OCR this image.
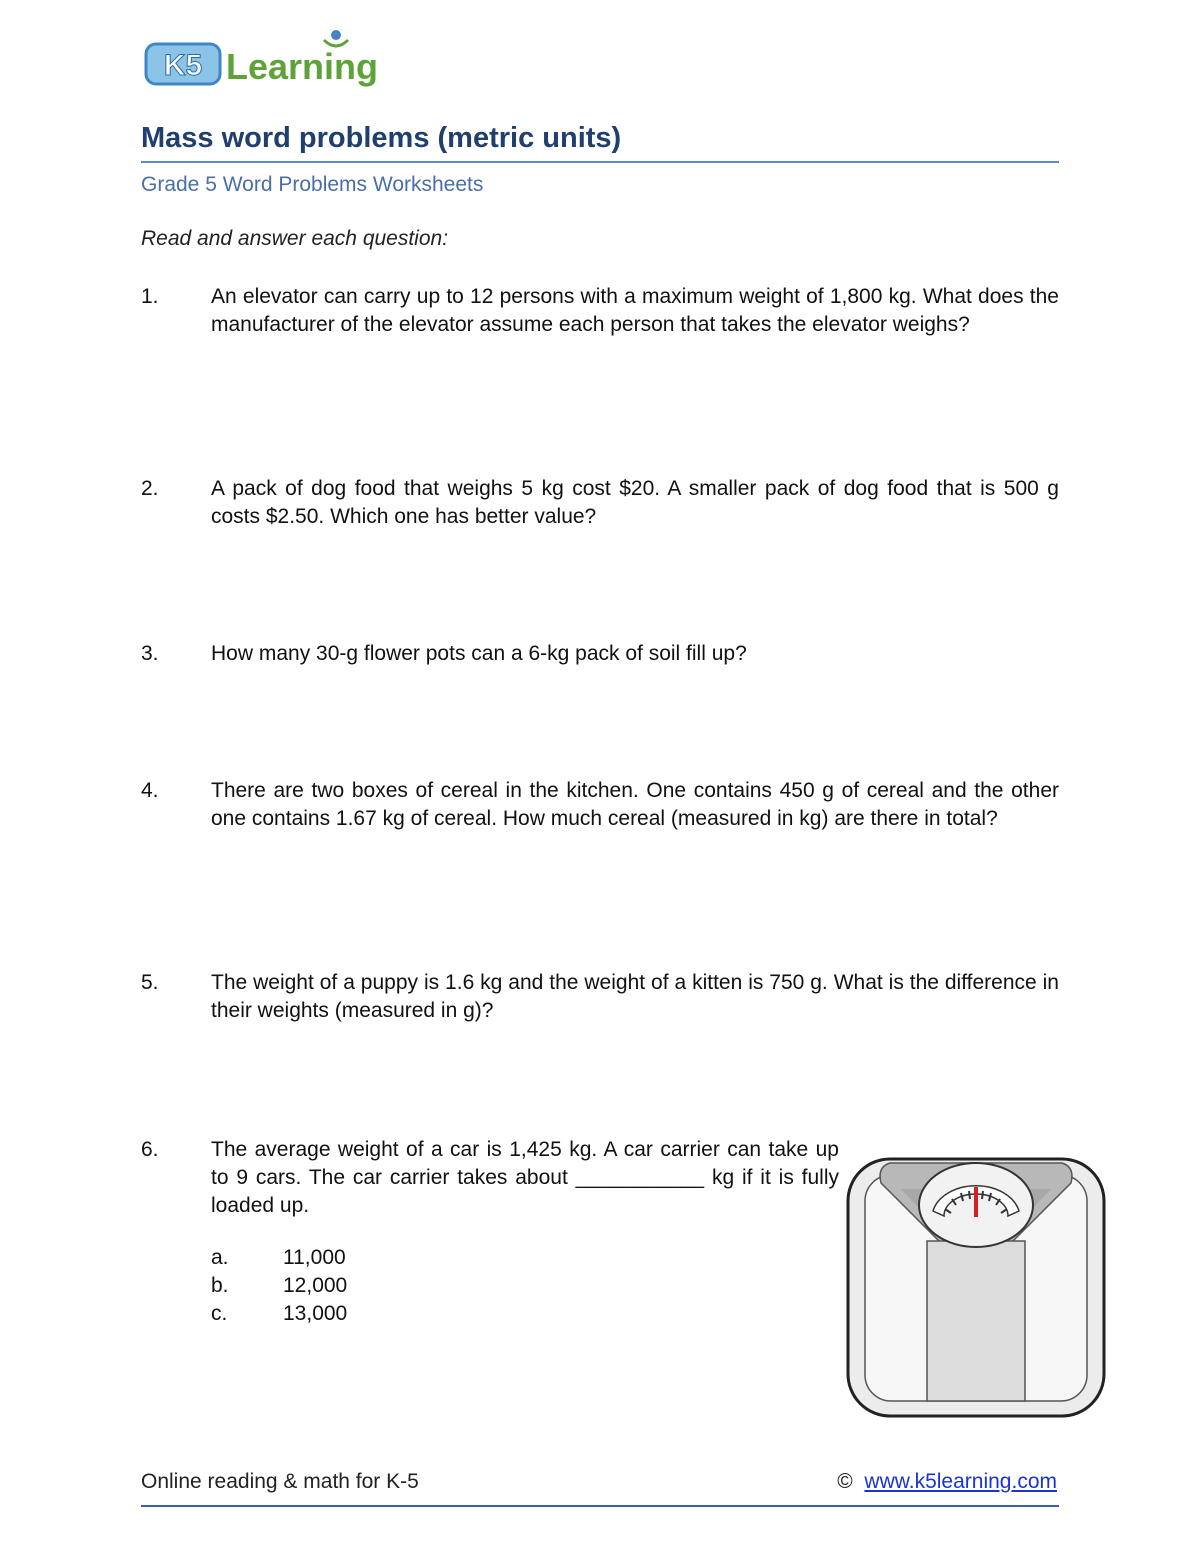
K5 Learning
Mass word problems (metric units)
Grade 5 Word Problems Worksheets
Read and answer each question:
1. An elevator can carry up to 12 persons with a maximum weight of 1,800 kg. What does the manufacturer of the elevator assume each person that takes the elevator weighs?
2. A pack of dog food that weighs 5 kg cost $20. A smaller pack of dog food that is 500 g costs $2.50. Which one has better value?
3. How many 30-g flower pots can a 6-kg pack of soil fill up?
4. There are two boxes of cereal in the kitchen. One contains 450 g of cereal and the other one contains 1.67 kg of cereal. How much cereal (measured in kg) are there in total?
5. The weight of a puppy is 1.6 kg and the weight of a kitten is 750 g. What is the difference in their weights (measured in g)?
6. The average weight of a car is 1,425 kg. A car carrier can take up to 9 cars. The car carrier takes about ___________ kg if it is fully loaded up.
a.	11,000
b.	12,000
c.	13,000
Online reading & math for K-5	© www.k5learning.com
